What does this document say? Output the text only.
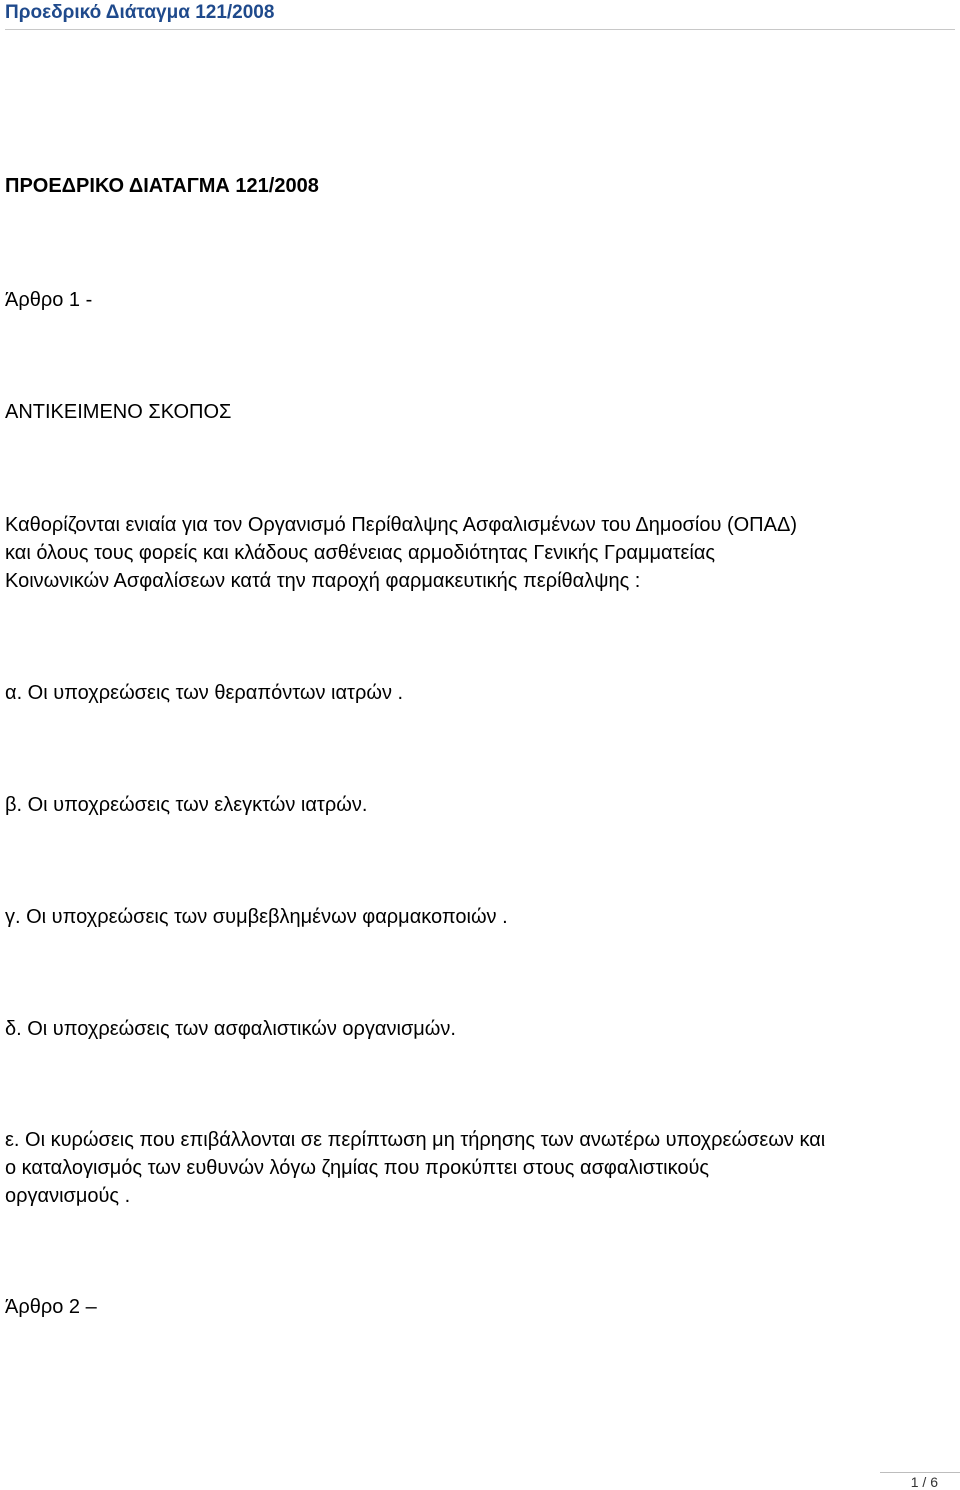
Προεδρικό Διάταγμα 121/2008
ΠΡΟΕΔΡΙΚΟ ΔΙΑΤΑΓΜΑ 121/2008
Άρθρο 1 -
ΑΝΤΙΚΕΙΜΕΝΟ ΣΚΟΠΟΣ
Καθορίζονται ενιαία για τον Οργανισμό Περίθαλψης Ασφαλισμένων του Δημοσίου (ΟΠΑΔ)
και όλους τους φορείς και κλάδους ασθένειας αρμοδιότητας Γενικής Γραμματείας
Κοινωνικών Ασφαλίσεων κατά την παροχή φαρμακευτικής περίθαλψης :
α. Οι υποχρεώσεις των θεραπόντων ιατρών .
β. Οι υποχρεώσεις των ελεγκτών ιατρών.
γ. Οι υποχρεώσεις των συμβεβλημένων φαρμακοποιών .
δ. Οι υποχρεώσεις των ασφαλιστικών οργανισμών.
ε. Οι κυρώσεις που επιβάλλονται σε περίπτωση μη τήρησης των ανωτέρω υποχρεώσεων και
ο καταλογισμός των ευθυνών λόγω ζημίας που προκύπτει στους ασφαλιστικούς
οργανισμούς .
Άρθρο 2 –
1 / 6
